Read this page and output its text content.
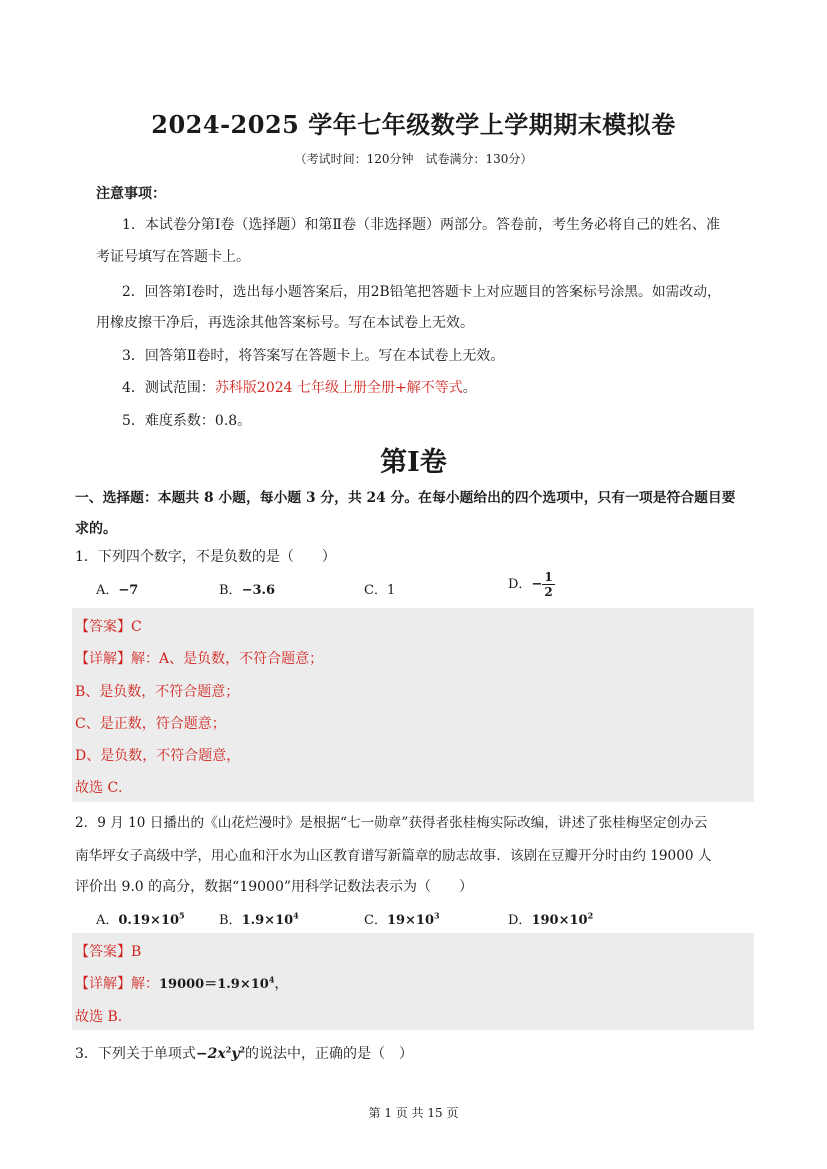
2024-2025 学年七年级数学上学期期末模拟卷
（考试时间：120分钟　试卷满分：130分）
注意事项：
1．本试卷分第Ⅰ卷（选择题）和第Ⅱ卷（非选择题）两部分。答卷前，考生务必将自己的姓名、准
考证号填写在答题卡上。
2．回答第Ⅰ卷时，选出每小题答案后，用2B铅笔把答题卡上对应题目的答案标号涂黑。如需改动，
用橡皮擦干净后，再选涂其他答案标号。写在本试卷上无效。
3．回答第Ⅱ卷时，将答案写在答题卡上。写在本试卷上无效。
4．测试范围：苏科版2024 七年级上册全册+解不等式。
5．难度系数：0.8。
第Ⅰ卷
一、选择题：本题共 8 小题，每小题 3 分，共 24 分。在每小题给出的四个选项中，只有一项是符合题目要
求的。
1．下列四个数字，不是负数的是（　　）
A．−7	B．−3.6	C．1	D．− $\frac{1}{2}$
【答案】C
【详解】解：A、是负数，不符合题意；
B、是负数，不符合题意；
C、是正数，符合题意；
D、是负数，不符合题意，
故选 C．
2．9 月 10 日播出的《山花烂漫时》是根据“七一勋章”获得者张桂梅实际改编，讲述了张桂梅坚定创办云
南华坪女子高级中学，用心血和汗水为山区教育谱写新篇章的励志故事．该剧在豆瓣开分时由约 19000 人
评价出 9.0 的高分，数据“19000”用科学记数法表示为（　　）
A．$0.19\times 10^5$	B．$1.9\times 10^4$	C．$19\times 10^3$	D．$190\times 10^2$
【答案】B
【详解】解：$19000=1.9\times 10^4$，
故选 B．
3．下列关于单项式$-2x^2y^2$的说法中，正确的是（　）
第 1 页 共 15 页
